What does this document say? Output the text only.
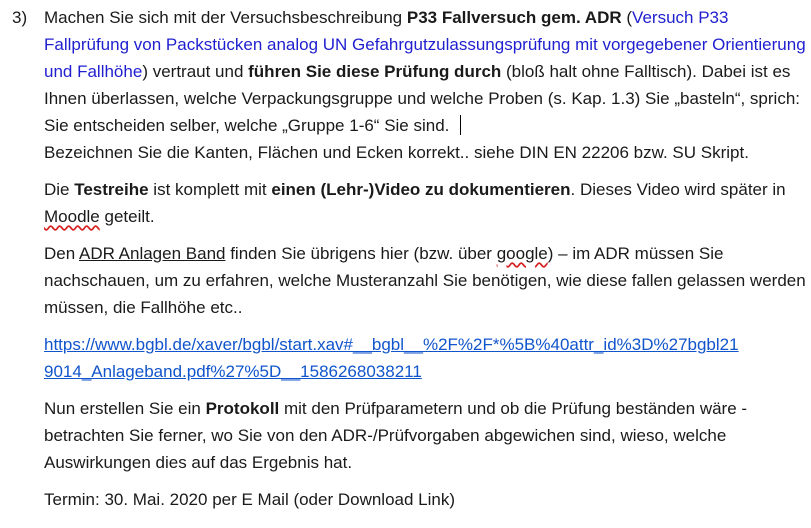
3) Machen Sie sich mit der Versuchsbeschreibung P33 Fallversuch gem. ADR (Versuch P33 Fallprüfung von Packstücken analog UN Gefahrgutzulassungsprüfung mit vorgegebener Orientierung und Fallhöhe) vertraut und führen Sie diese Prüfung durch (bloß halt ohne Falltisch). Dabei ist es Ihnen überlassen, welche Verpackungsgruppe und welche Proben (s. Kap. 1.3) Sie „basteln“, sprich: Sie entscheiden selber, welche „Gruppe 1-6“ Sie sind.
Bezeichnen Sie die Kanten, Flächen und Ecken korrekt.. siehe DIN EN 22206 bzw. SU Skript.

Die Testreihe ist komplett mit einen (Lehr-)Video zu dokumentieren. Dieses Video wird später in Moodle geteilt.

Den ADR Anlagen Band finden Sie übrigens hier (bzw. über google) – im ADR müssen Sie nachschauen, um zu erfahren, welche Musteranzahl Sie benötigen, wie diese fallen gelassen werden müssen, die Fallhöhe etc..

https://www.bgbl.de/xaver/bgbl/start.xav#__bgbl__%2F%2F*%5B%40attr_id%3D%27bgbl21
9014_Anlageband.pdf%27%5D__1586268038211

Nun erstellen Sie ein Protokoll mit den Prüfparametern und ob die Prüfung beständen wäre - betrachten Sie ferner, wo Sie von den ADR-/Prüfvorgaben abgewichen sind, wieso, welche Auswirkungen dies auf das Ergebnis hat.

Termin: 30. Mai. 2020 per E Mail (oder Download Link)
